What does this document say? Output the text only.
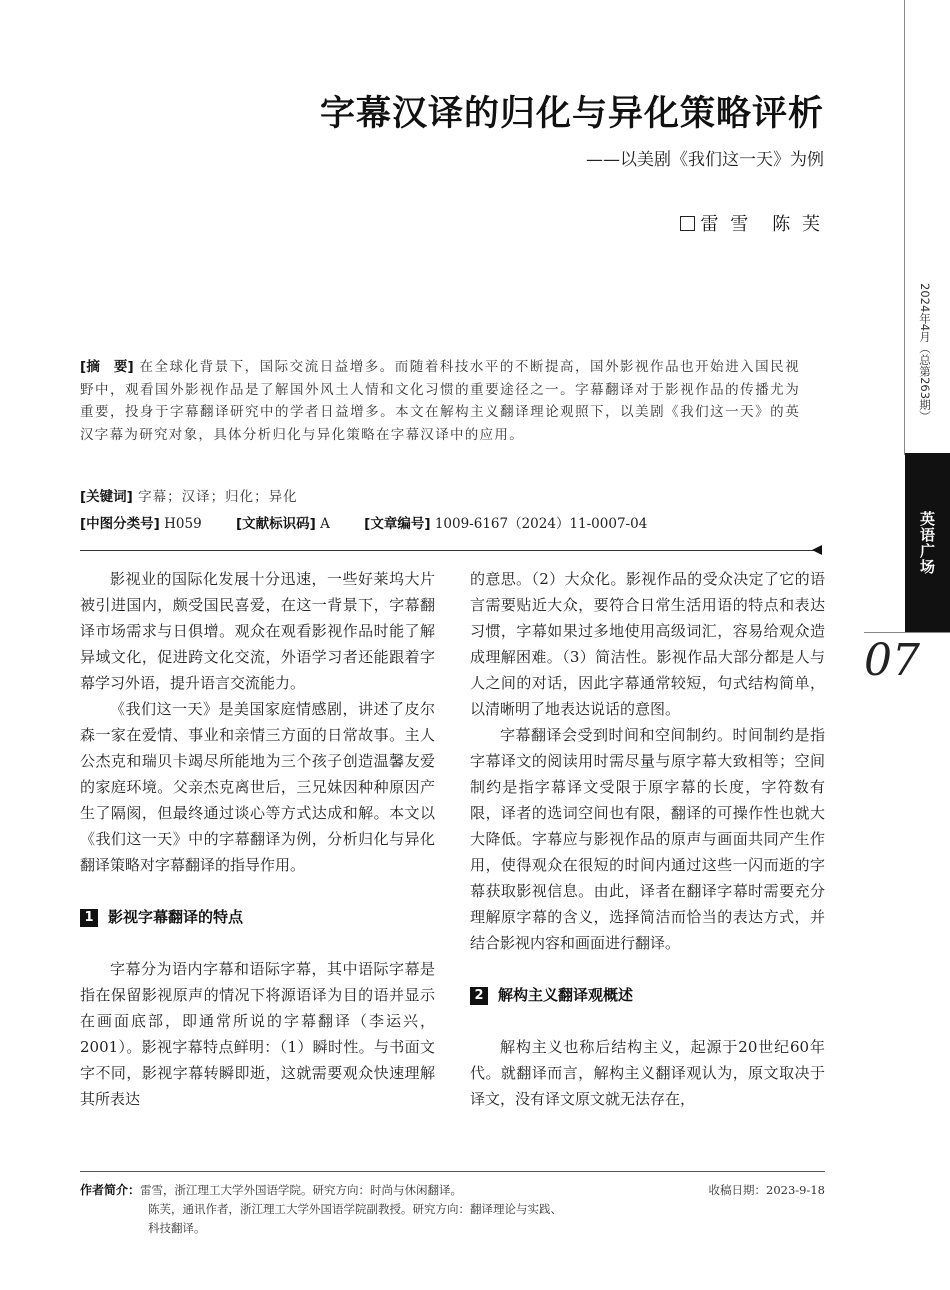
字幕汉译的归化与异化策略评析
——以美剧《我们这一天》为例
雷 雪　陈 芙
2024年4月（总第263期）
英语广场
07
[摘　要] 在全球化背景下，国际交流日益增多。而随着科技水平的不断提高，国外影视作品也开始进入国民视野中，观看国外影视作品是了解国外风土人情和文化习惯的重要途径之一。字幕翻译对于影视作品的传播尤为重要，投身于字幕翻译研究中的学者日益增多。本文在解构主义翻译理论观照下，以美剧《我们这一天》的英汉字幕为研究对象，具体分析归化与异化策略在字幕汉译中的应用。
[关键词] 字幕；汉译；归化；异化
[中图分类号] H059	[文献标识码] A	[文章编号] 1009-6167（2024）11-0007-04

影视业的国际化发展十分迅速，一些好莱坞大片被引进国内，颇受国民喜爱，在这一背景下，字幕翻译市场需求与日俱增。观众在观看影视作品时能了解异域文化，促进跨文化交流，外语学习者还能跟着字幕学习外语，提升语言交流能力。

《我们这一天》是美国家庭情感剧，讲述了皮尔森一家在爱情、事业和亲情三方面的日常故事。主人公杰克和瑞贝卡竭尽所能地为三个孩子创造温馨友爱的家庭环境。父亲杰克离世后，三兄妹因种种原因产生了隔阂，但最终通过谈心等方式达成和解。本文以《我们这一天》中的字幕翻译为例，分析归化与异化翻译策略对字幕翻译的指导作用。

1 影视字幕翻译的特点

字幕分为语内字幕和语际字幕，其中语际字幕是指在保留影视原声的情况下将源语译为目的语并显示在画面底部，即通常所说的字幕翻译（李运兴，2001）。影视字幕特点鲜明：（1）瞬时性。与书面文字不同，影视字幕转瞬即逝，这就需要观众快速理解其所表达

的意思。（2）大众化。影视作品的受众决定了它的语言需要贴近大众，要符合日常生活用语的特点和表达习惯，字幕如果过多地使用高级词汇，容易给观众造成理解困难。（3）简洁性。影视作品大部分都是人与人之间的对话，因此字幕通常较短，句式结构简单，以清晰明了地表达说话的意图。

字幕翻译会受到时间和空间制约。时间制约是指字幕译文的阅读用时需尽量与原字幕大致相等；空间制约是指字幕译文受限于原字幕的长度，字符数有限，译者的选词空间也有限，翻译的可操作性也就大大降低。字幕应与影视作品的原声与画面共同产生作用，使得观众在很短的时间内通过这些一闪而逝的字幕获取影视信息。由此，译者在翻译字幕时需要充分理解原字幕的含义，选择简洁而恰当的表达方式，并结合影视内容和画面进行翻译。

2 解构主义翻译观概述

解构主义也称后结构主义，起源于20世纪60年代。就翻译而言，解构主义翻译观认为，原文取决于译文，没有译文原文就无法存在，

作者简介：雷雪，浙江理工大学外国语学院。研究方向：时尚与休闲翻译。
陈芙，通讯作者，浙江理工大学外国语学院副教授。研究方向：翻译理论与实践、
科技翻译。
收稿日期：2023-9-18
